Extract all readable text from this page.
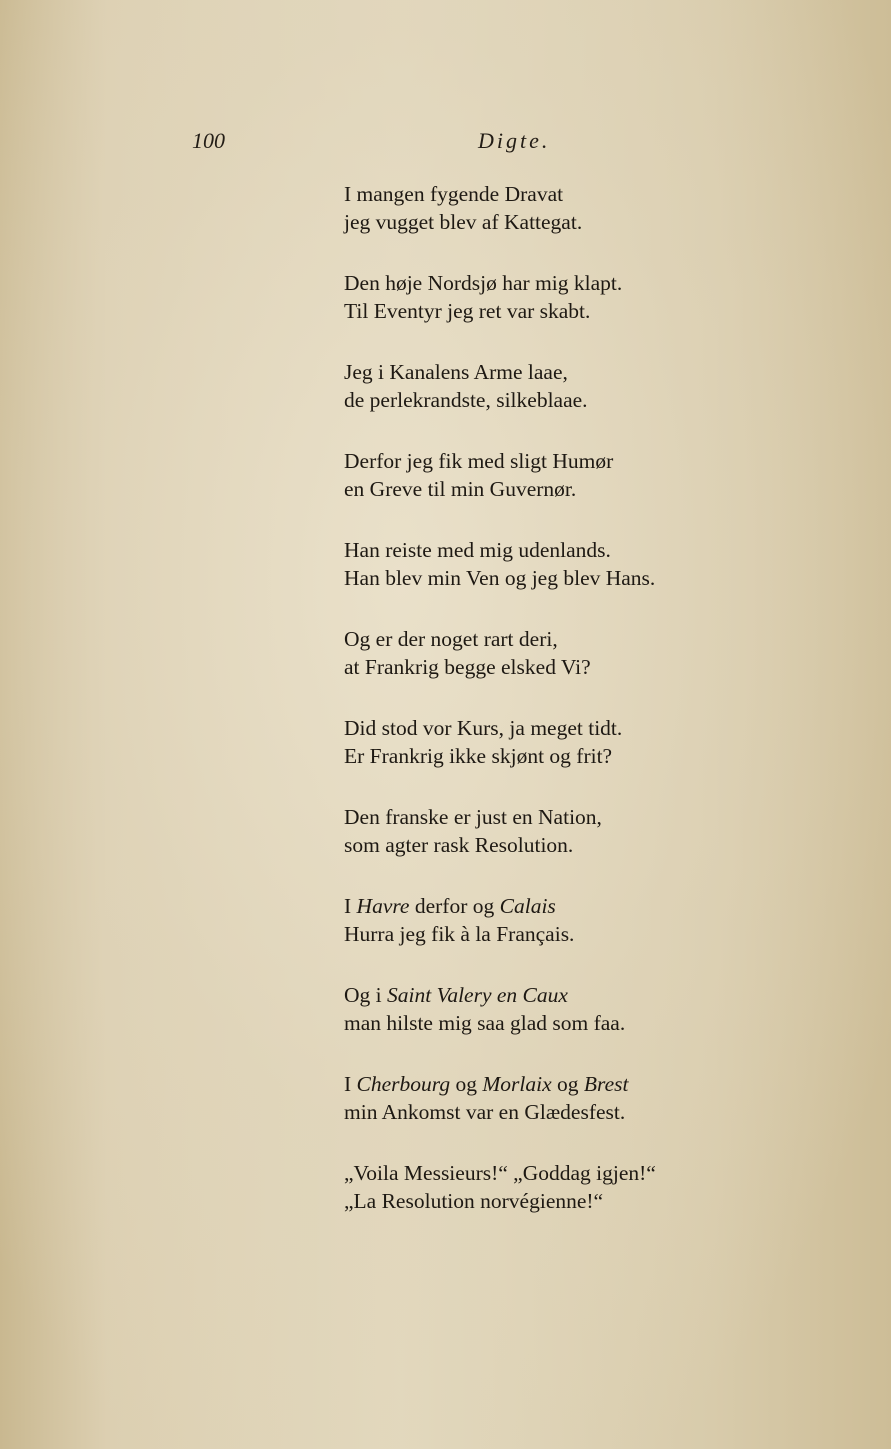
100	Digte.
I mangen fygende Dravat
jeg vugget blev af Kattegat.
Den høje Nordsjø har mig klapt.
Til Eventyr jeg ret var skabt.
Jeg i Kanalens Arme laae,
de perlekrandste, silkeblaae.
Derfor jeg fik med sligt Humør
en Greve til min Guvernør.
Han reiste med mig udenlands.
Han blev min Ven og jeg blev Hans.
Og er der noget rart deri,
at Frankrig begge elsked Vi?
Did stod vor Kurs, ja meget tidt.
Er Frankrig ikke skjønt og frit?
Den franske er just en Nation,
som agter rask Resolution.
I Havre derfor og Calais
Hurra jeg fik à la Français.
Og i Saint Valery en Caux
man hilste mig saa glad som faa.
I Cherbourg og Morlaix og Brest
min Ankomst var en Glædesfest.
„Voila Messieurs!“ „Goddag igjen!“
„La Resolution norvégienne!“
